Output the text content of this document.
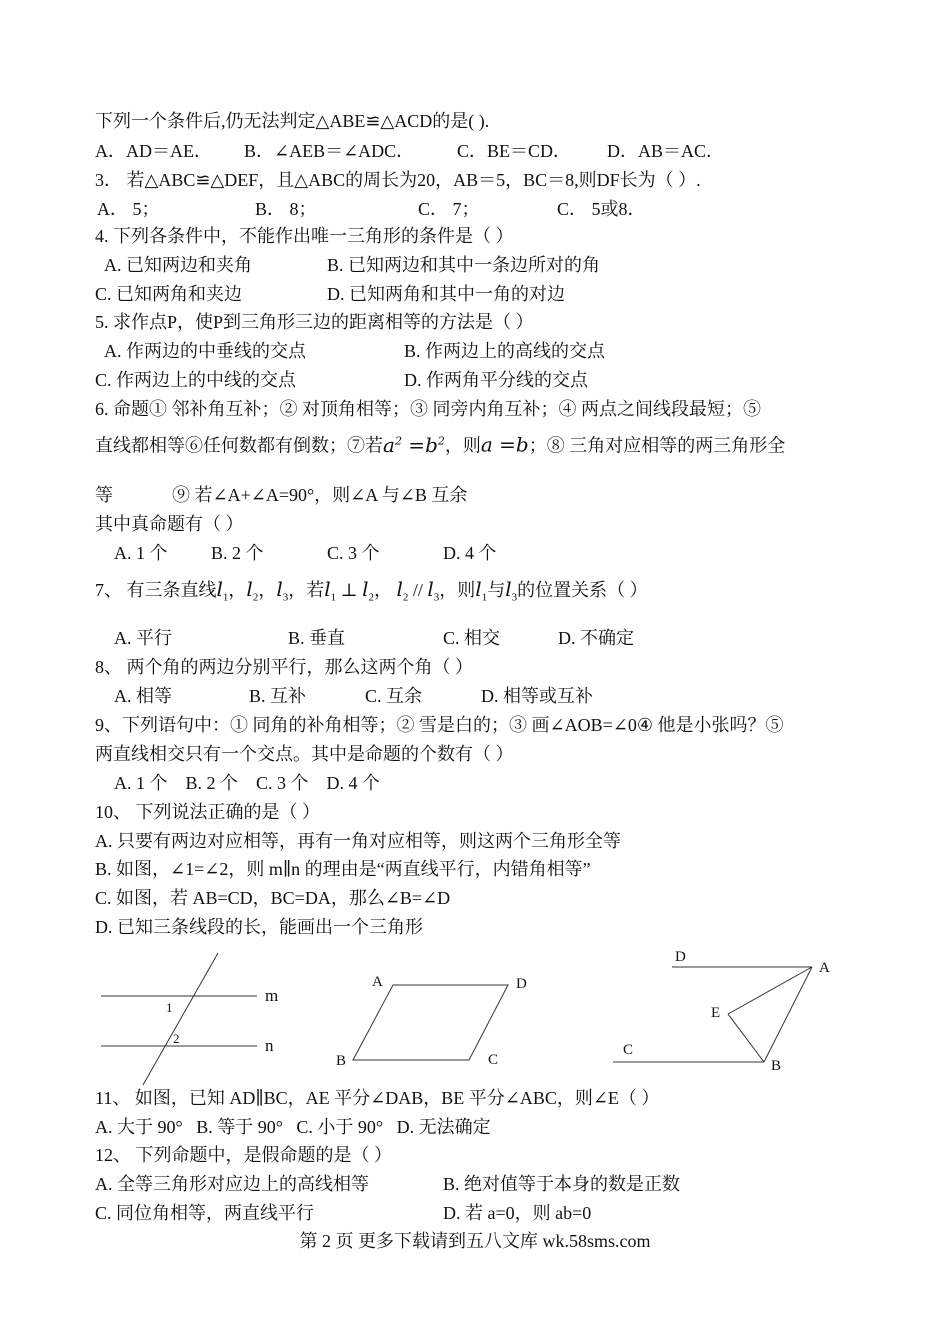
下列一个条件后,仍无法判定△ABE≌△ACD的是( ).
A．AD＝AE． B．∠AEB＝∠ADC． C．BE＝CD． D．AB＝AC．
3． 若△ABC≌△DEF，且△ABC的周长为20，AB＝5，BC＝8,则DF长为（ ）.
A． 5；	B． 8；	C． 7；	C． 5或8．
4. 下列各条件中，不能作出唯一三角形的条件是（ ）
A. 已知两边和夹角	B. 已知两边和其中一条边所对的角
C. 已知两角和夹边	D. 已知两角和其中一角的对边
5. 求作点P，使P到三角形三边的距离相等的方法是（ ）
A. 作两边的中垂线的交点	B. 作两边上的高线的交点
C. 作两边上的中线的交点	D. 作两角平分线的交点
6. 命题① 邻补角互补；② 对顶角相等；③ 同旁内角互补；④ 两点之间线段最短；⑤
直线都相等⑥任何数都有倒数；⑦若$a^2 =b^2$，则a =b；⑧ 三角对应相等的两三角形全
等	⑨ 若∠A+∠A=90°，则∠A 与∠B 互余
其中真命题有（ ）
A. 1 个 B. 2 个	C. 3 个	D. 4 个
7、 有三条直线$l_1$，$l_2$，$l_3$，若$l_1$ ⊥ $l_2$， $l_2 // l_3$，则$l_1$与$l_3$的位置关系（ ）
A. 平行	B. 垂直	C. 相交	D. 不确定
8、 两个角的两边分别平行，那么这两个角（ ）
A. 相等	B. 互补	C. 互余	D. 相等或互补
9、下列语句中：① 同角的补角相等；② 雪是白的；③ 画∠AOB=∠0④ 他是小张吗？⑤
两直线相交只有一个交点。其中是命题的个数有（ ）
A. 1 个    B. 2 个    C. 3 个    D. 4 个
10、 下列说法正确的是（ ）
A. 只要有两边对应相等，再有一角对应相等，则这两个三角形全等
B. 如图，∠1=∠2，则 m∥n 的理由是“两直线平行，内错角相等”
C. 如图，若 AB=CD，BC=DA，那么∠B=∠D
D. 已知三条线段的长，能画出一个三角形
m
n
1
2
A	D
B	C
D
A
E
C
B
11、 如图，已知 AD∥BC，AE 平分∠DAB，BE 平分∠ABC，则∠E（ ）
A. 大于 90°   B. 等于 90°   C. 小于 90°   D. 无法确定
12、 下列命题中，是假命题的是（ ）
A. 全等三角形对应边上的高线相等	B. 绝对值等于本身的数是正数
C. 同位角相等，两直线平行	D. 若 a=0，则 ab=0
第 2 页 更多下载请到五八文库 wk.58sms.com
